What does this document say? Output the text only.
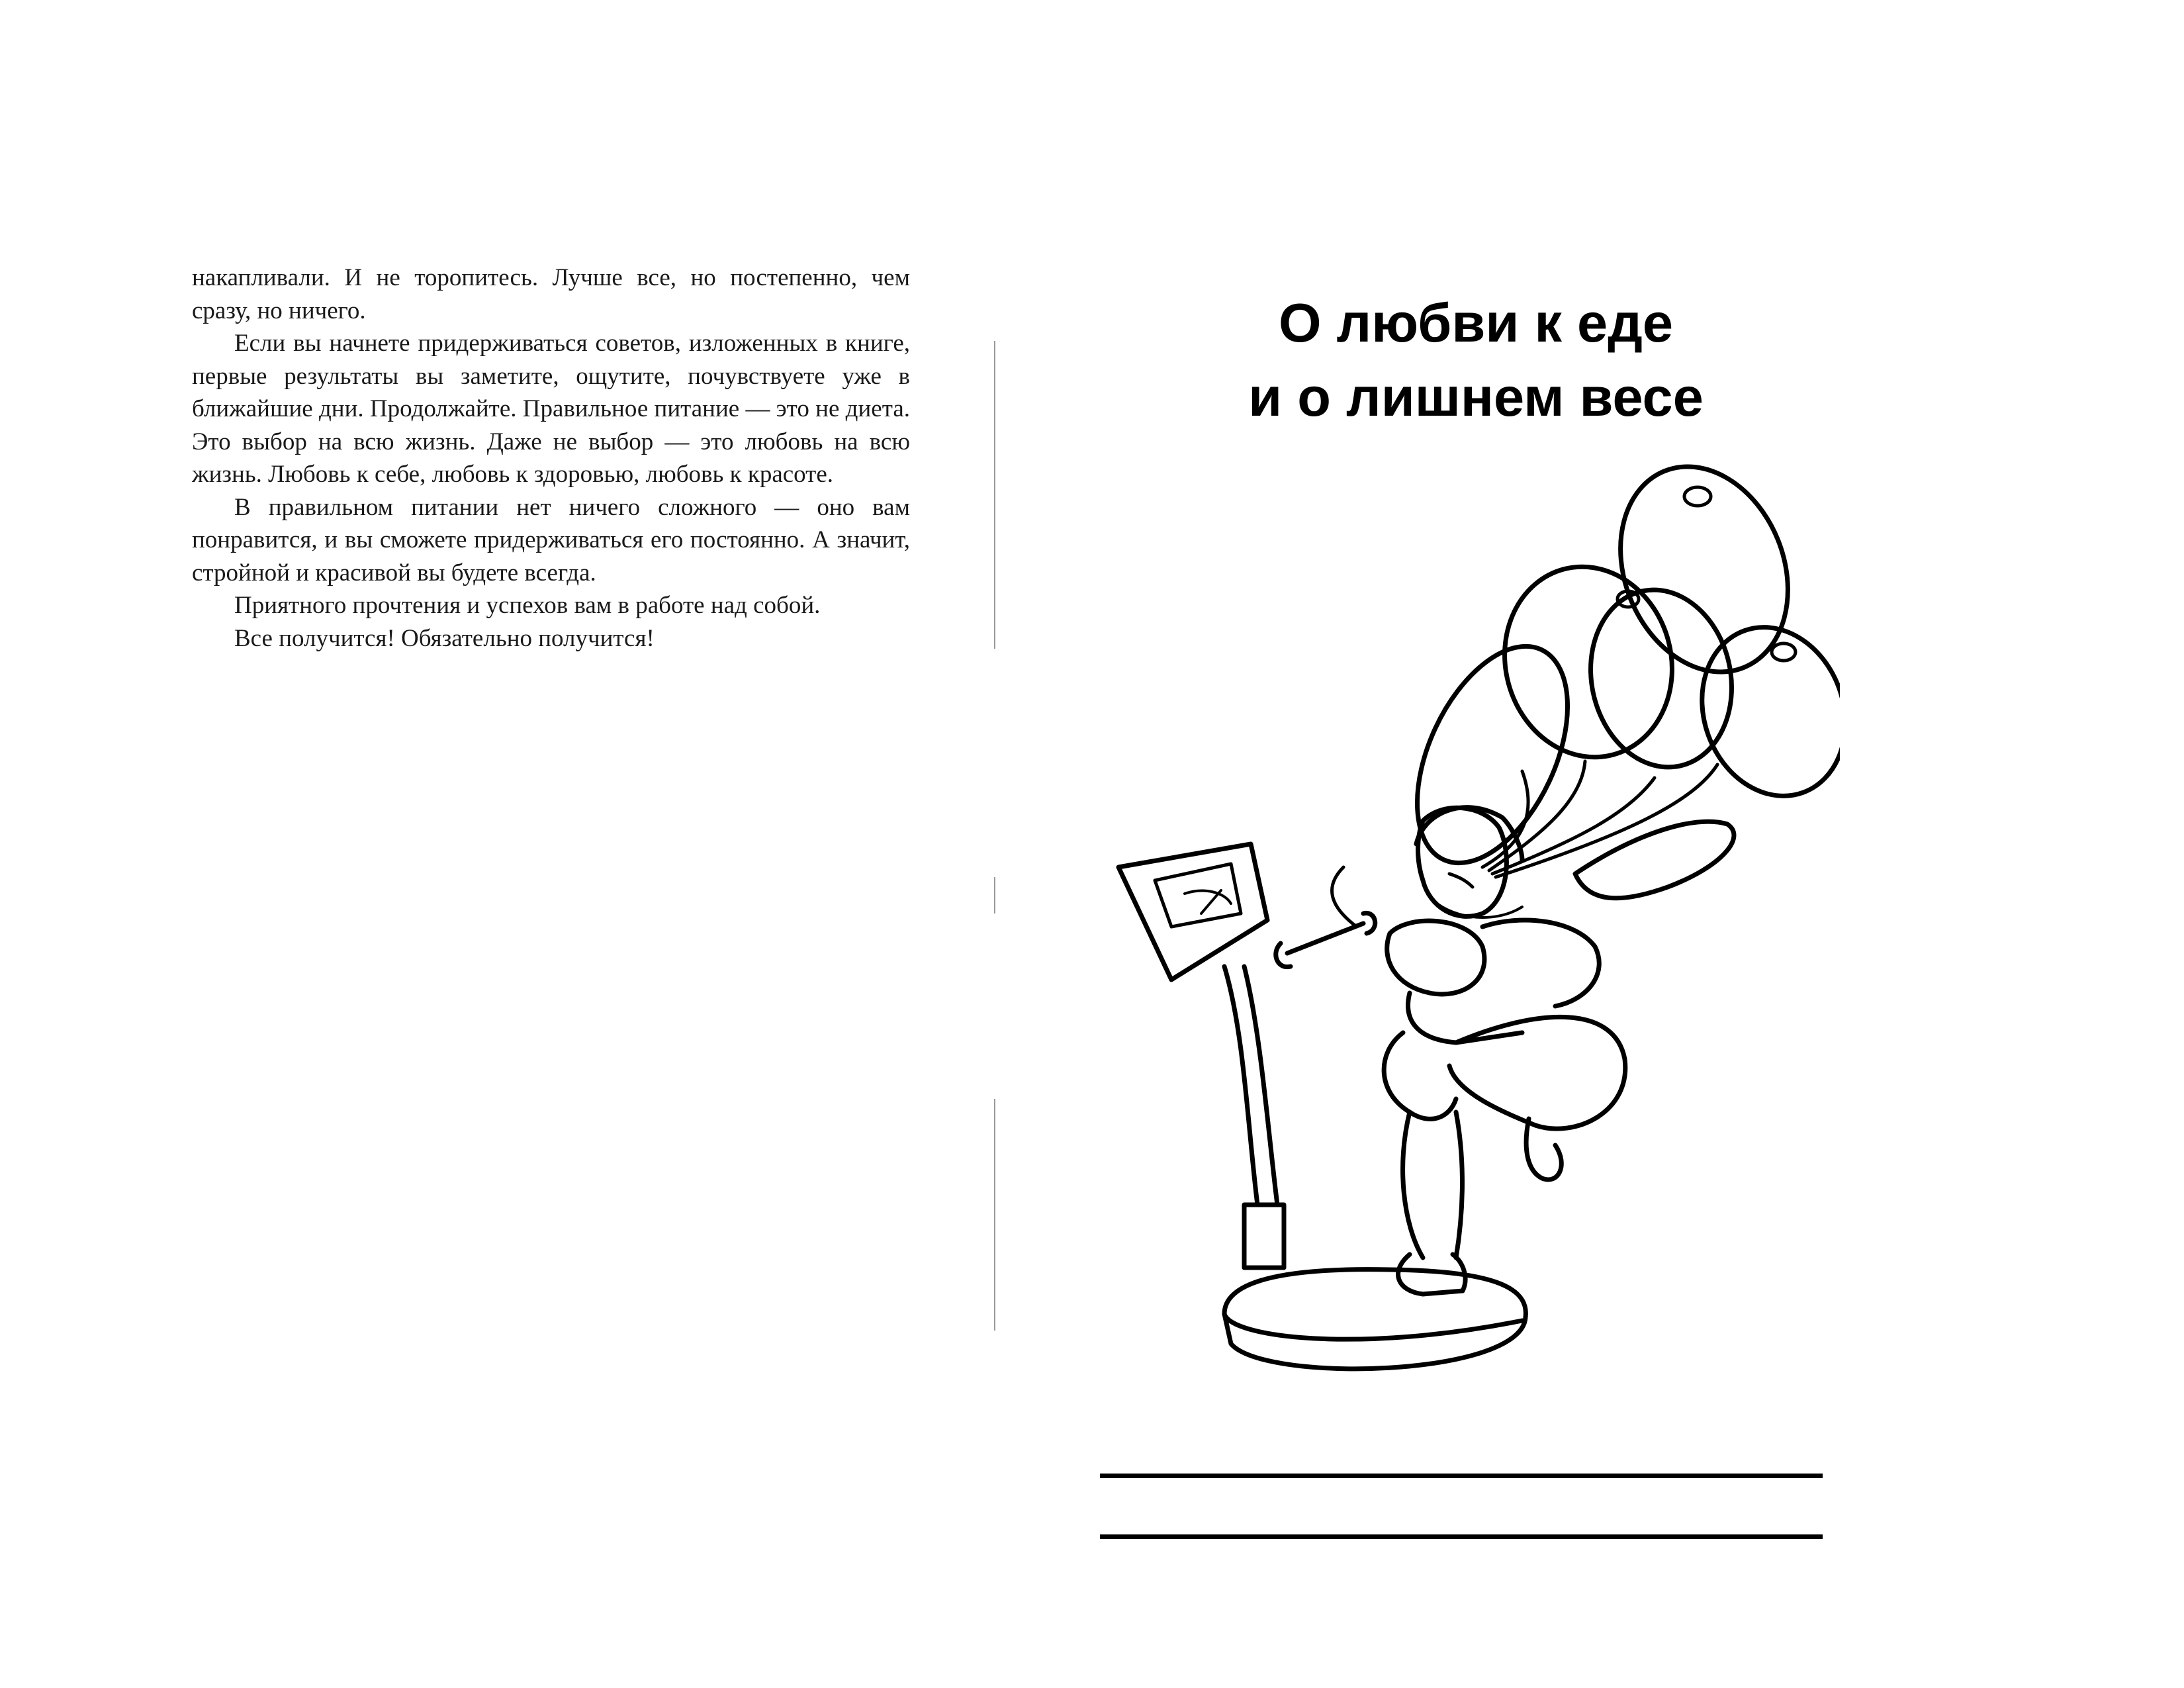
накапливали. И не торопитесь. Лучше все, но постепенно, чем сразу, но ничего.

Если вы начнете придерживаться советов, изложенных в книге, первые результаты вы заметите, ощутите, почувствуете уже в ближайшие дни. Продолжайте. Правильное питание — это не диета. Это выбор на всю жизнь. Даже не выбор — это любовь на всю жизнь. Любовь к себе, любовь к здоровью, любовь к красоте.

В правильном питании нет ничего сложного — оно вам понравится, и вы сможете придерживаться его постоянно. А значит, стройной и красивой вы будете всегда.

Приятного прочтения и успехов вам в работе над собой.

Все получится! Обязательно получится!

О любви к еде
и о лишнем весе
